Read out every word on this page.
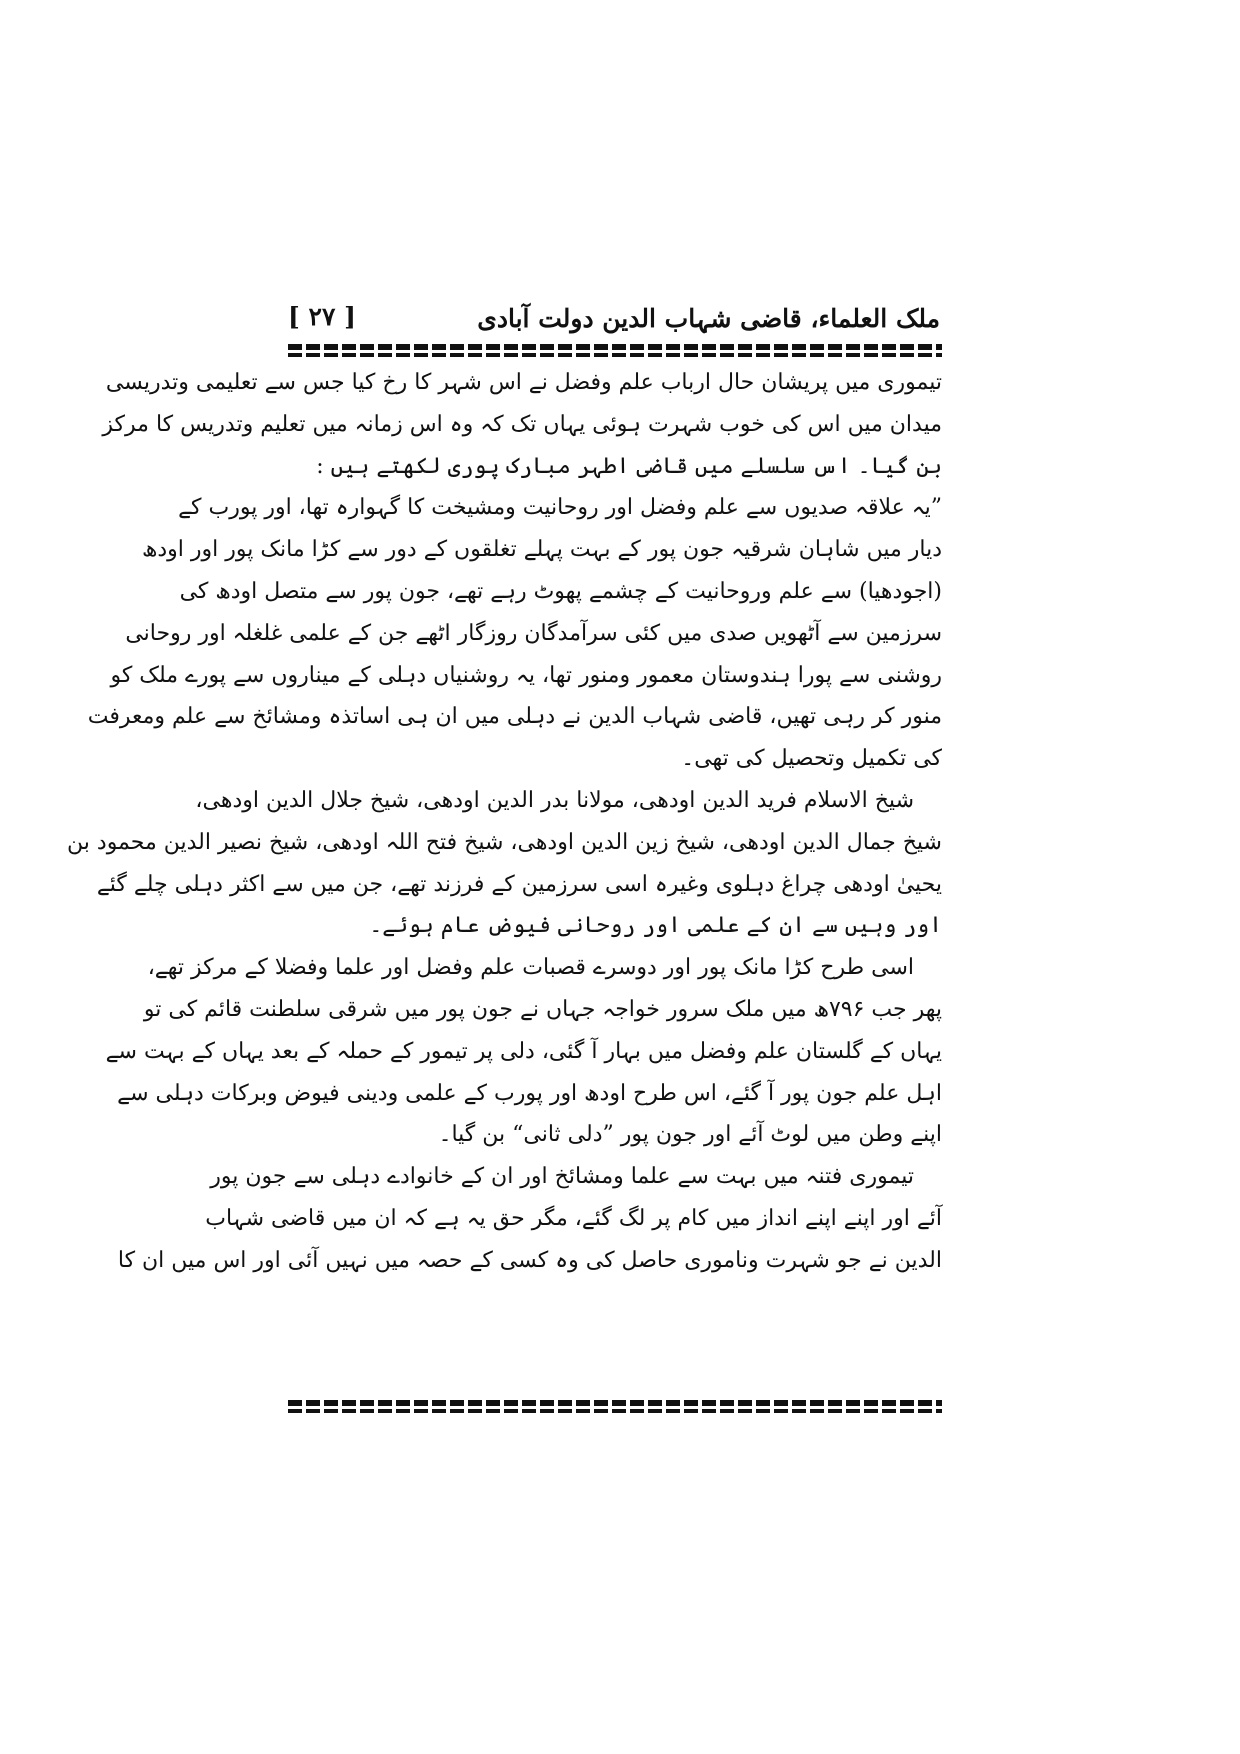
ملک العلماء، قاضی شہاب الدین دولت آبادی
[ ۲۷ ]
تیموری میں پریشان حال ارباب علم وفضل نے اس شہر کا رخ کیا جس سے تعلیمی وتدریسی
میدان میں اس کی خوب شہرت ہوئی یہاں تک کہ وہ اس زمانہ میں تعلیم وتدریس کا مرکز
بن گیا۔ اس سلسلے میں قاضی اطہر مبارک پوری لکھتے ہیں :
”یہ علاقہ صدیوں سے علم وفضل اور روحانیت ومشیخت کا گہوارہ تھا، اور پورب کے
دیار میں شاہان شرقیہ جون پور کے بہت پہلے تغلقوں کے دور سے کڑا مانک پور اور اودھ
(اجودھیا) سے علم وروحانیت کے چشمے پھوٹ رہے تھے، جون پور سے متصل اودھ کی
سرزمین سے آٹھویں صدی میں کئی سرآمدگان روزگار اٹھے جن کے علمی غلغلہ اور روحانی
روشنی سے پورا ہندوستان معمور ومنور تھا، یہ روشنیاں دہلی کے میناروں سے پورے ملک کو
منور کر رہی تھیں، قاضی شہاب الدین نے دہلی میں ان ہی اساتذہ ومشائخ سے علم ومعرفت
کی تکمیل وتحصیل کی تھی۔
شیخ الاسلام فرید الدین اودھی، مولانا بدر الدین اودھی، شیخ جلال الدین اودھی،
شیخ جمال الدین اودھی، شیخ زین الدین اودھی، شیخ فتح اللہ اودھی، شیخ نصیر الدین محمود بن
یحییٰ اودھی چراغ دہلوی وغیرہ اسی سرزمین کے فرزند تھے، جن میں سے اکثر دہلی چلے گئے
اور وہیں سے ان کے علمی اور روحانی فیوض عام ہوئے۔
اسی طرح کڑا مانک پور اور دوسرے قصبات علم وفضل اور علما وفضلا کے مرکز تھے،
پھر جب ۷۹۶ھ میں ملک سرور خواجہ جہاں نے جون پور میں شرقی سلطنت قائم کی تو
یہاں کے گلستان علم وفضل میں بہار آ گئی، دلی پر تیمور کے حملہ کے بعد یہاں کے بہت سے
اہل علم جون پور آ گئے، اس طرح اودھ اور پورب کے علمی ودینی فیوض وبرکات دہلی سے
اپنے وطن میں لوٹ آئے اور جون پور ”دلی ثانی“ بن گیا۔
تیموری فتنہ میں بہت سے علما ومشائخ اور ان کے خانوادے دہلی سے جون پور
آئے اور اپنے اپنے انداز میں کام پر لگ گئے، مگر حق یہ ہے کہ ان میں قاضی شہاب
الدین نے جو شہرت وناموری حاصل کی وہ کسی کے حصہ میں نہیں آئی اور اس میں ان کا
